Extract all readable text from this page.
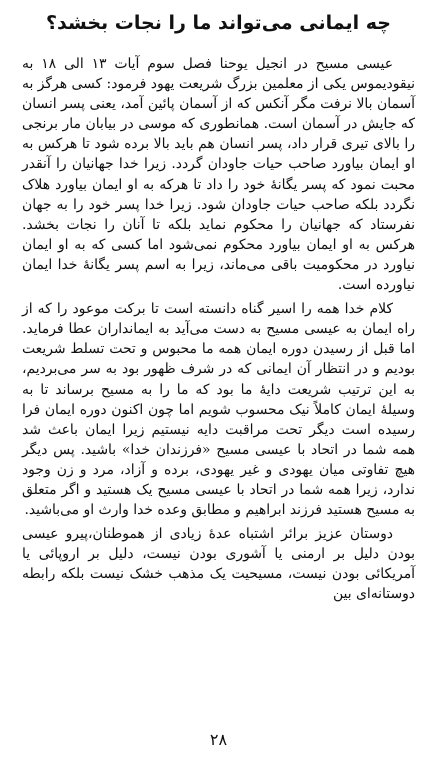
چه ایمانی می‌تواند ما را نجات بخشد؟

عیسی مسیح در انجیل یوحنا فصل سوم آیات ۱۳ الی ۱۸ به نیقودیموس یکی از معلمین بزرگ شریعت یهود فرمود: کسی هرگز به آسمان بالا نرفت مگر آنکس که از آسمان پائین آمد، یعنی پسر انسان که جایش در آسمان است. همانطوری که موسی در بیابان مار برنجی را بالای تیری قرار داد، پسر انسان هم باید بالا برده شود تا هرکس به او ایمان بیاورد صاحب حیات جاودان گردد. زیرا خدا جهانیان را آنقدر محبت نمود که پسر یگانهٔ خود را داد تا هرکه به او ایمان بیاورد هلاک نگردد بلکه صاحب حیات جاودان شود. زیرا خدا پسر خود را به جهان نفرستاد که جهانیان را محکوم نماید بلکه تا آنان را نجات بخشد. هرکس به او ایمان بیاورد محکوم نمی‌شود اما کسی که به او ایمان نیاورد در محکومیت باقی می‌ماند، زیرا به اسم پسر یگانهٔ خدا ایمان نیاورده است.

کلام خدا همه را اسیر گناه دانسته است تا برکت موعود را که از راه ایمان به عیسی مسیح به دست می‌آید به ایمانداران عطا فرماید. اما قبل از رسیدن دوره ایمان همه ما محبوس و تحت تسلط شریعت بودیم و در انتظار آن ایمانی که در شرف ظهور بود به سر می‌بردیم، به این ترتیب شریعت دایهٔ ما بود که ما را به مسیح برساند تا به وسیلهٔ ایمان کاملاً نیک محسوب شویم اما چون اکنون دوره ایمان فرا رسیده است دیگر تحت مراقبت دایه نیستیم زیرا ایمان باعث شد همه شما در اتحاد با عیسی مسیح «فرزندان خدا» باشید. پس دیگر هیچ تفاوتی میان یهودی و غیر یهودی، برده و آزاد، مرد و زن وجود ندارد، زیرا همه شما در اتحاد با عیسی مسیح یک هستید و اگر متعلق به مسیح هستید فرزند ابراهیم و مطابق وعده خدا وارث او می‌باشید.

دوستان عزیز برائر اشتباه عدهٔ زیادی از هموطنان،پیرو عیسی بودن دلیل بر ارمنی یا آشوری بودن نیست، دلیل بر اروپائی یا آمریکائی بودن نیست، مسیحیت یک مذهب خشک نیست بلکه رابطه دوستانه‌ای بین

۲۸
